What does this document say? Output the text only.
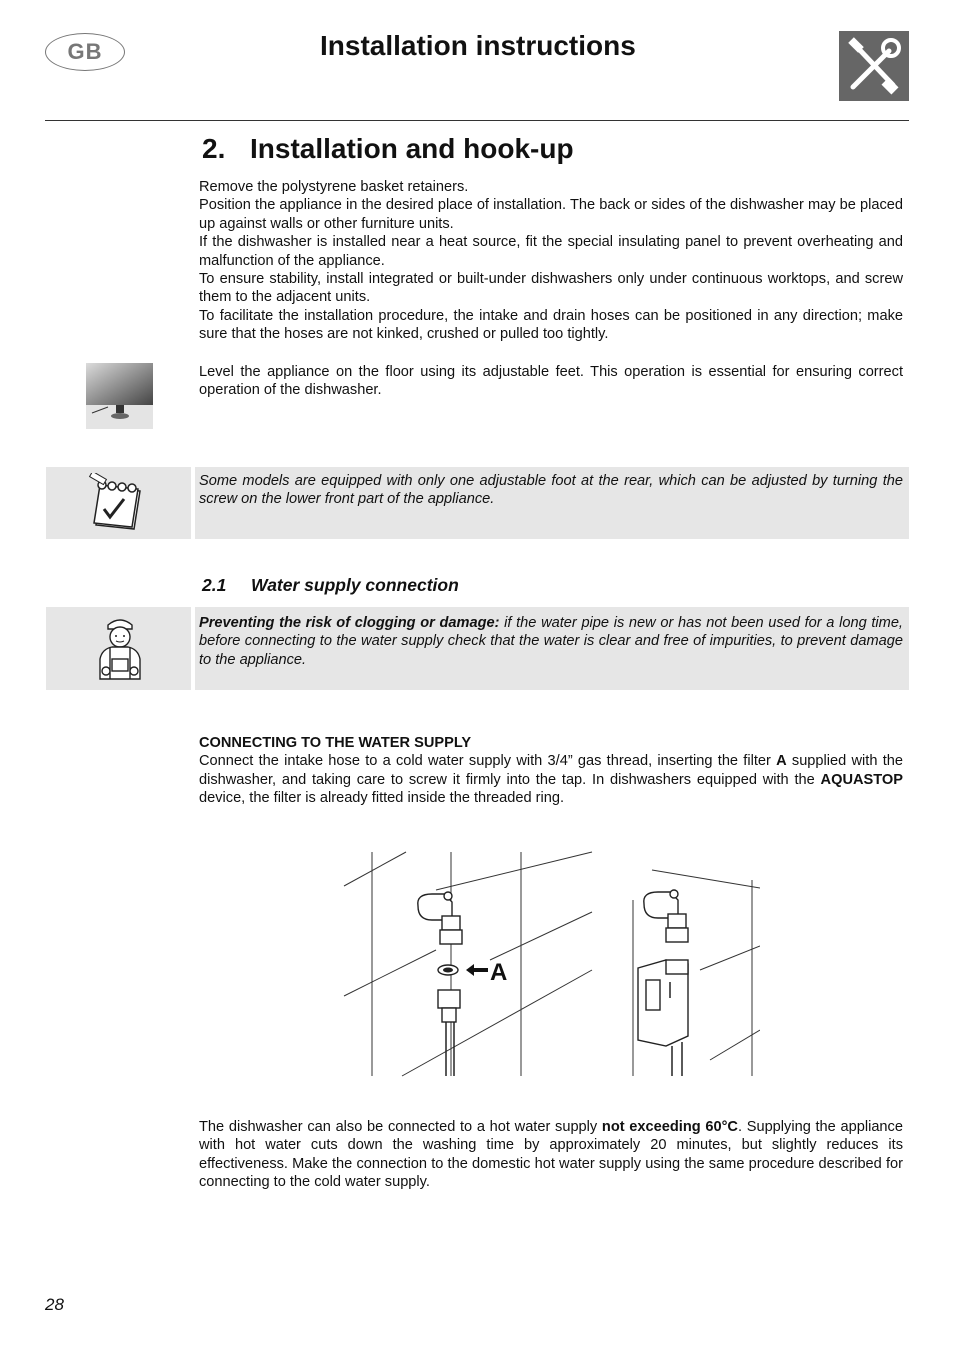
GB	Installation instructions
2. Installation and hook-up

Remove the polystyrene basket retainers.

Position the appliance in the desired place of installation. The back or sides of the dishwasher may be placed up against walls or other furniture units.

If the dishwasher is installed near a heat source, fit the special insulating panel to prevent overheating and malfunction of the appliance.

To ensure stability, install integrated or built-under dishwashers only under continuous worktops, and screw them to the adjacent units.

To facilitate the installation procedure, the intake and drain hoses can be positioned in any direction; make sure that the hoses are not kinked, crushed or pulled too tightly.

Level the appliance on the floor using its adjustable feet. This operation is essential for ensuring correct operation of the dishwasher.
Some models are equipped with only one adjustable foot at the rear, which can be adjusted by turning the screw on the lower front part of the appliance.
2.1 Water supply connection
Preventing the risk of clogging or damage: if the water pipe is new or has not been used for a long time, before connecting to the water supply check that the water is clear and free of impurities, to prevent damage to the appliance.
CONNECTING TO THE WATER SUPPLY

Connect the intake hose to a cold water supply with 3/4” gas thread, inserting the filter A supplied with the dishwasher, and taking care to screw it firmly into the tap. In dishwashers equipped with the AQUASTOP device, the filter is already fitted inside the threaded ring.

A
The dishwasher can also be connected to a hot water supply not exceeding 60°C. Supplying the appliance with hot water cuts down the washing time by approximately 20 minutes, but slightly reduces its effectiveness. Make the connection to the domestic hot water supply using the same procedure described for connecting to the cold water supply.
28
